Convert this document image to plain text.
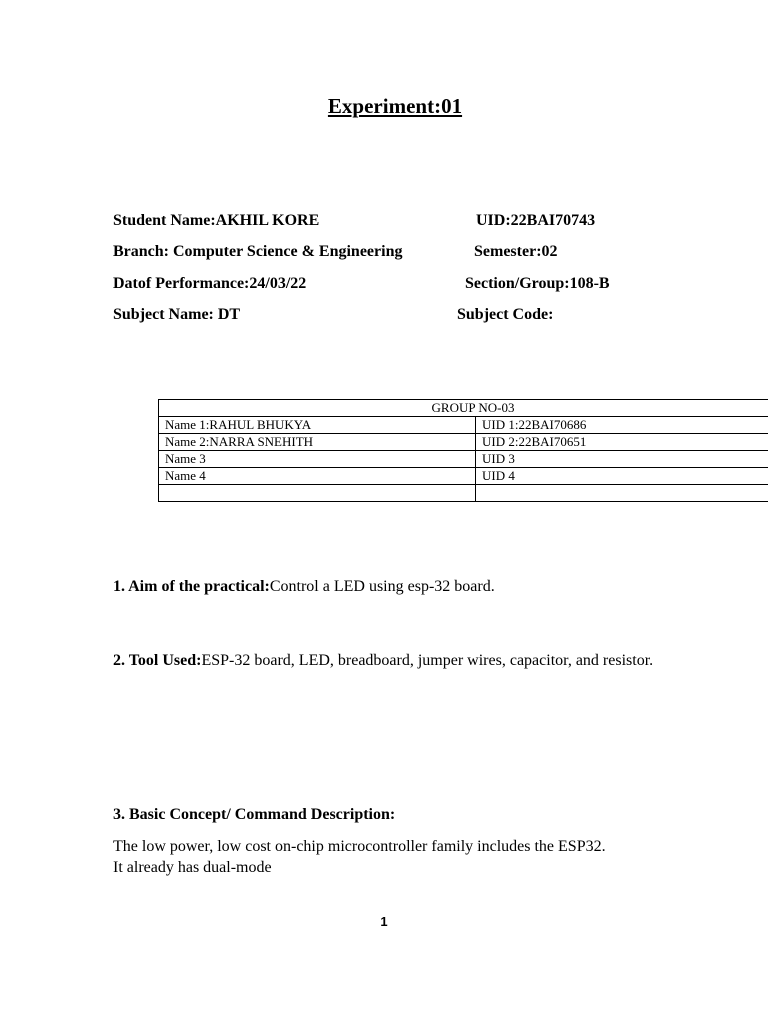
Experiment:01
Student Name:AKHIL KORE	UID:22BAI70743
Branch: Computer Science & Engineering	Semester:02
Datof Performance:24/03/22	Section/Group:108-B
Subject Name: DT	Subject Code:
GROUP NO-03	
Name 1:RAHUL BHUKYA	UID 1:22BAI70686
Name 2:NARRA SNEHITH	UID 2:22BAI70651
Name 3	UID 3
Name 4	UID 4

1. Aim of the practical:Control a LED using esp-32 board.
2. Tool Used:ESP-32 board, LED, breadboard, jumper wires, capacitor, and resistor.
3. Basic Concept/ Command Description:
The low power, low cost on-chip microcontroller family includes the ESP32. It already has dual-mode
1
